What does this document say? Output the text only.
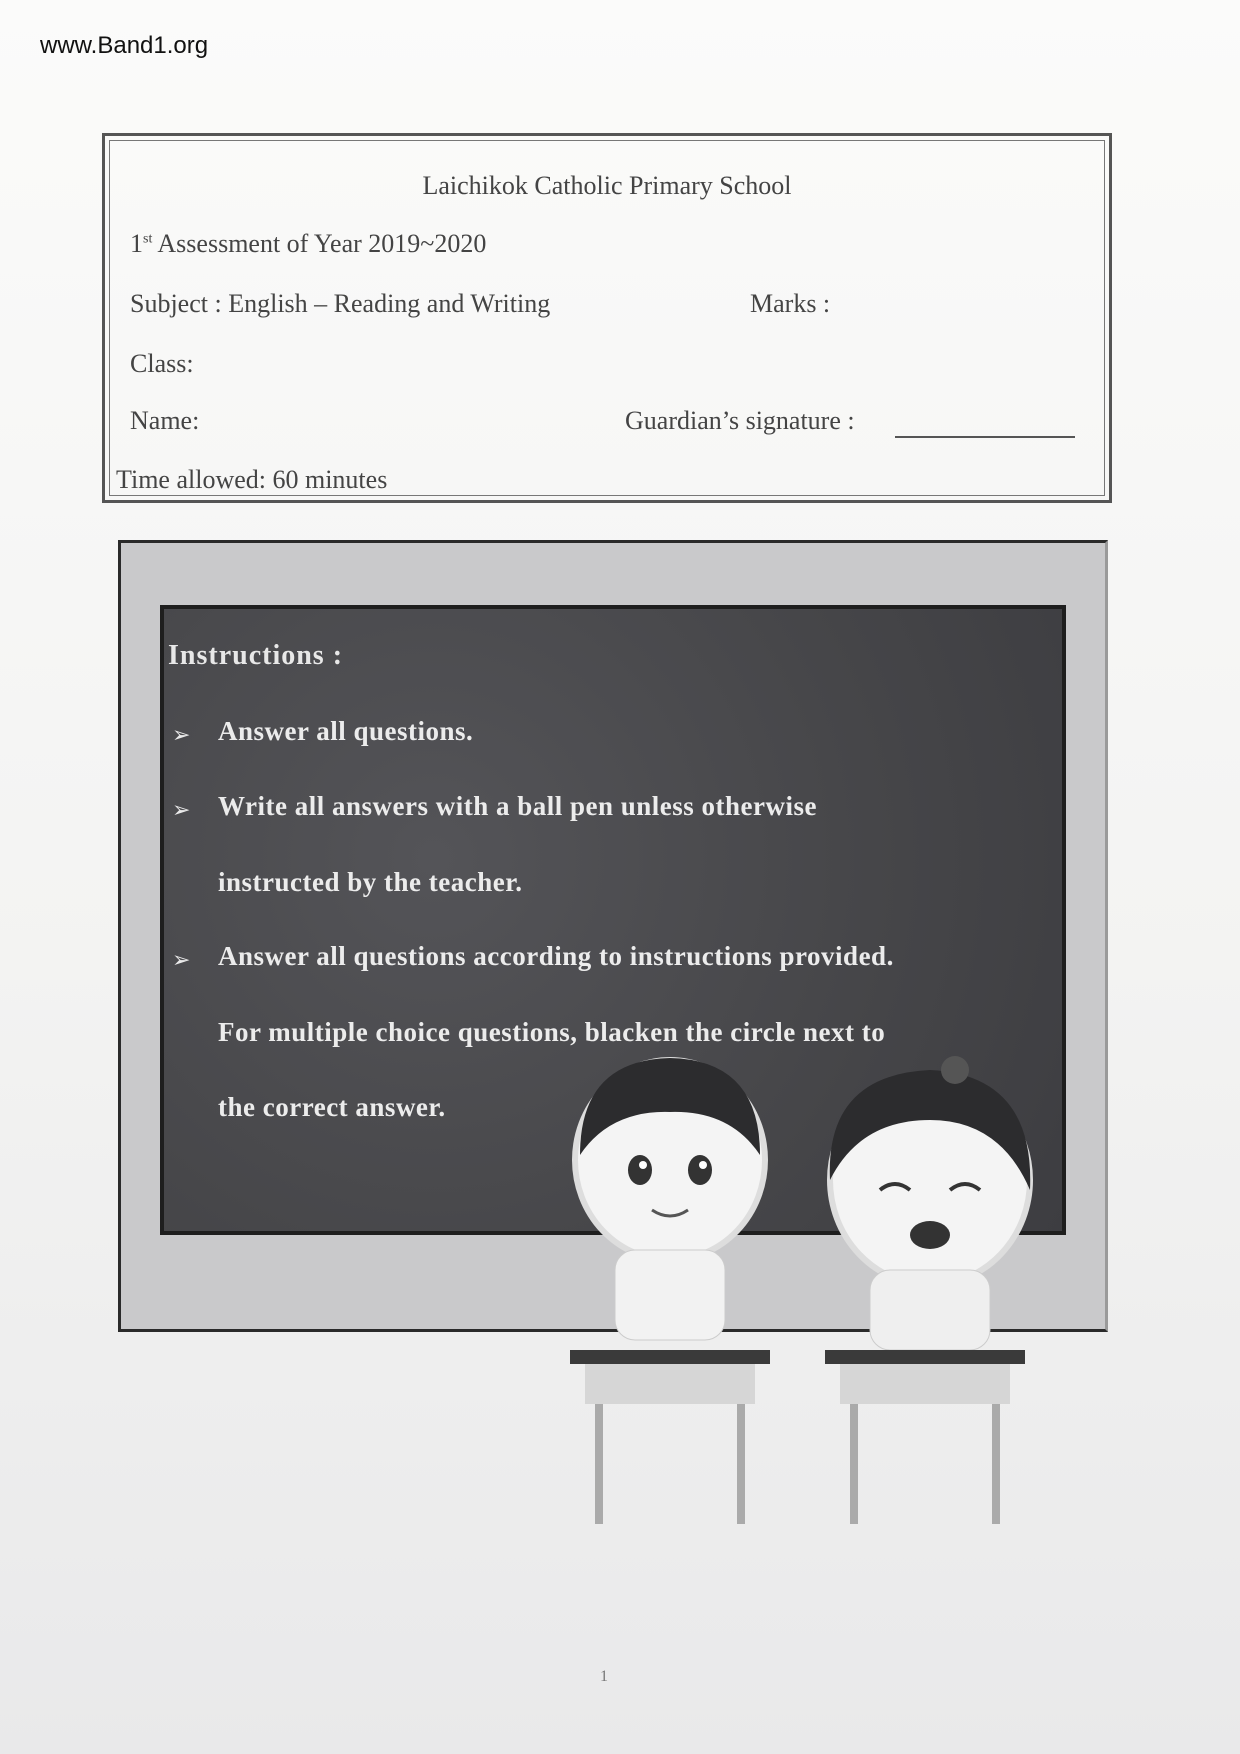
www.Band1.org
Laichikok Catholic Primary School
1st Assessment of Year 2019~2020
Subject : English – Reading and Writing	Marks :
Class:
Name:	Guardian’s signature :
Time allowed: 60 minutes
Instructions :
➢ Answer all questions.
➢ Write all answers with a ball pen unless otherwise
instructed by the teacher.
➢ Answer all questions according to instructions provided.
For multiple choice questions, blacken the circle next to
the correct answer.
1
